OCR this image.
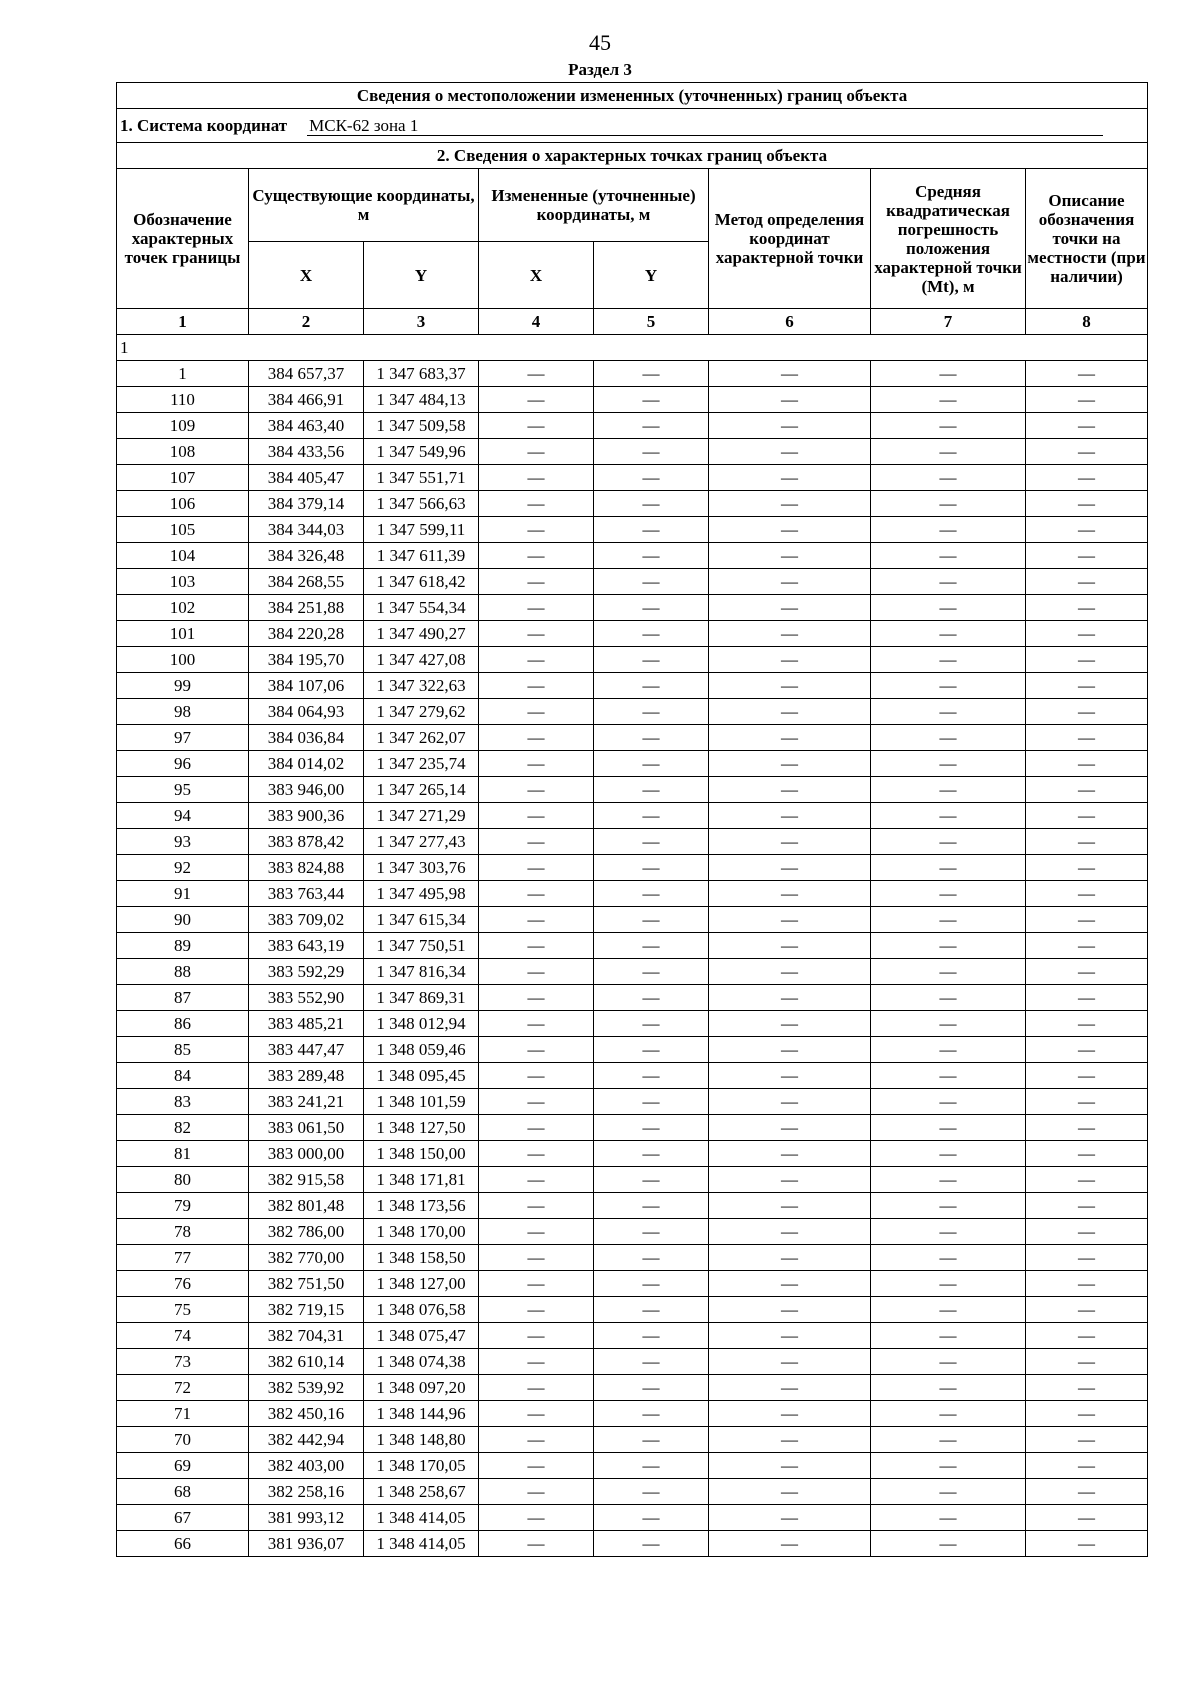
45
Раздел 3
Сведения о местоположении измененных (уточненных) границ объекта							
1. Система координат МСК-62 зона 1							
2. Сведения о характерных точках границ объекта							
Обозначение характерных точек границы	Существующие координаты, м		Измененные (уточненные) координаты, м		Метод определения координат характерной точки	Средняя квадратическая погрешность положения характерной точки (Mt), м	Описание обозначения точки на местности (при наличии)
	X	Y	X	Y			
1	2	3	4	5	6	7	8
1							
1	384 657,37	1 347 683,37	—	—	—	—	—
110	384 466,91	1 347 484,13	—	—	—	—	—
109	384 463,40	1 347 509,58	—	—	—	—	—
108	384 433,56	1 347 549,96	—	—	—	—	—
107	384 405,47	1 347 551,71	—	—	—	—	—
106	384 379,14	1 347 566,63	—	—	—	—	—
105	384 344,03	1 347 599,11	—	—	—	—	—
104	384 326,48	1 347 611,39	—	—	—	—	—
103	384 268,55	1 347 618,42	—	—	—	—	—
102	384 251,88	1 347 554,34	—	—	—	—	—
101	384 220,28	1 347 490,27	—	—	—	—	—
100	384 195,70	1 347 427,08	—	—	—	—	—
99	384 107,06	1 347 322,63	—	—	—	—	—
98	384 064,93	1 347 279,62	—	—	—	—	—
97	384 036,84	1 347 262,07	—	—	—	—	—
96	384 014,02	1 347 235,74	—	—	—	—	—
95	383 946,00	1 347 265,14	—	—	—	—	—
94	383 900,36	1 347 271,29	—	—	—	—	—
93	383 878,42	1 347 277,43	—	—	—	—	—
92	383 824,88	1 347 303,76	—	—	—	—	—
91	383 763,44	1 347 495,98	—	—	—	—	—
90	383 709,02	1 347 615,34	—	—	—	—	—
89	383 643,19	1 347 750,51	—	—	—	—	—
88	383 592,29	1 347 816,34	—	—	—	—	—
87	383 552,90	1 347 869,31	—	—	—	—	—
86	383 485,21	1 348 012,94	—	—	—	—	—
85	383 447,47	1 348 059,46	—	—	—	—	—
84	383 289,48	1 348 095,45	—	—	—	—	—
83	383 241,21	1 348 101,59	—	—	—	—	—
82	383 061,50	1 348 127,50	—	—	—	—	—
81	383 000,00	1 348 150,00	—	—	—	—	—
80	382 915,58	1 348 171,81	—	—	—	—	—
79	382 801,48	1 348 173,56	—	—	—	—	—
78	382 786,00	1 348 170,00	—	—	—	—	—
77	382 770,00	1 348 158,50	—	—	—	—	—
76	382 751,50	1 348 127,00	—	—	—	—	—
75	382 719,15	1 348 076,58	—	—	—	—	—
74	382 704,31	1 348 075,47	—	—	—	—	—
73	382 610,14	1 348 074,38	—	—	—	—	—
72	382 539,92	1 348 097,20	—	—	—	—	—
71	382 450,16	1 348 144,96	—	—	—	—	—
70	382 442,94	1 348 148,80	—	—	—	—	—
69	382 403,00	1 348 170,05	—	—	—	—	—
68	382 258,16	1 348 258,67	—	—	—	—	—
67	381 993,12	1 348 414,05	—	—	—	—	—
66	381 936,07	1 348 414,05	—	—	—	—	—
